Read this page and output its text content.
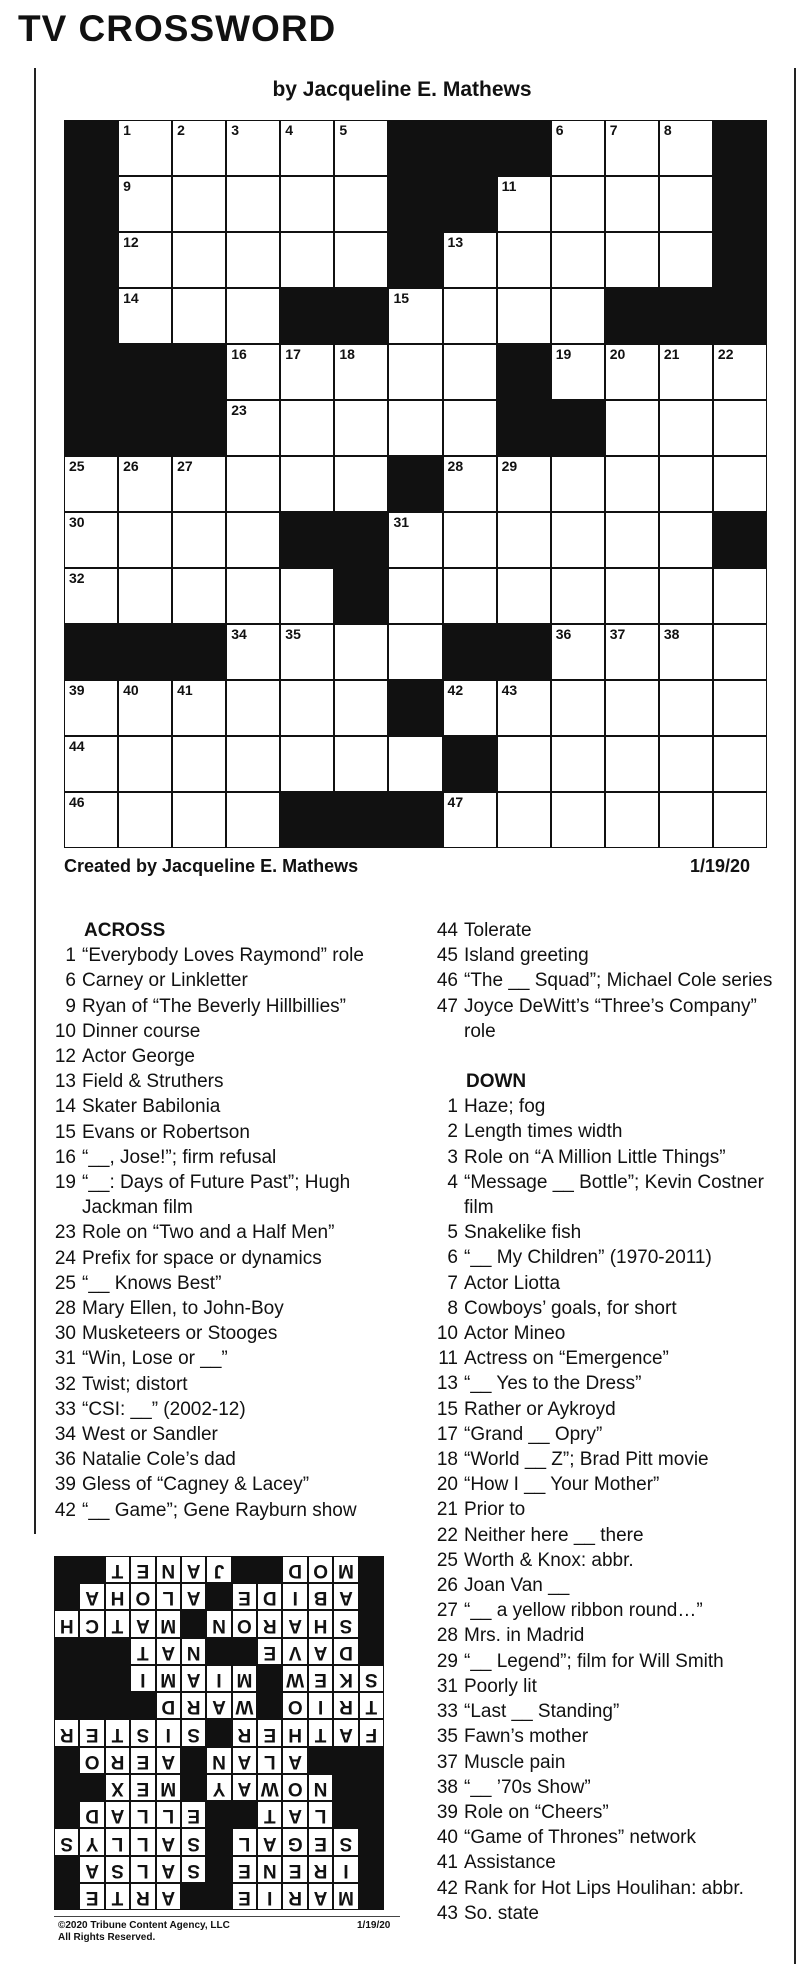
TV CROSSWORD
by Jacqueline E. Mathews
1	2	3	4	5	6	7	8
9	11
12	13
14	15
16	17	18	19	20	21	22
23
25	26	27	28	29
30	31
32
34	35	36	37	38
39	40	41	42	43
44
46	47
Created by Jacqueline E. Mathews	1/19/20
ACROSS
1 “Everybody Loves Raymond” role
6 Carney or Linkletter
9 Ryan of “The Beverly Hillbillies”
10 Dinner course
12 Actor George
13 Field & Struthers
14 Skater Babilonia
15 Evans or Robertson
16 “__, Jose!”; firm refusal
19 “__: Days of Future Past”; Hugh Jackman film
23 Role on “Two and a Half Men”
24 Prefix for space or dynamics
25 “__ Knows Best”
28 Mary Ellen, to John-Boy
30 Musketeers or Stooges
31 “Win, Lose or __”
32 Twist; distort
33 “CSI: __” (2002-12)
34 West or Sandler
36 Natalie Cole’s dad
39 Gless of “Cagney & Lacey”
42 “__ Game”; Gene Rayburn show
44 Tolerate
45 Island greeting
46 “The __ Squad”; Michael Cole series
47 Joyce DeWitt’s “Three’s Company” role
DOWN
1 Haze; fog
2 Length times width
3 Role on “A Million Little Things”
4 “Message __ Bottle”; Kevin Costner film
5 Snakelike fish
6 “__ My Children” (1970-2011)
7 Actor Liotta
8 Cowboys’ goals, for short
10 Actor Mineo
11 Actress on “Emergence”
13 “__ Yes to the Dress”
15 Rather or Aykroyd
17 “Grand __ Opry”
18 “World __ Z”; Brad Pitt movie
20 “How I __ Your Mother”
21 Prior to
22 Neither here __ there
25 Worth & Knox: abbr.
26 Joan Van __
27 “__ a yellow ribbon round…”
28 Mrs. in Madrid
29 “__ Legend”; film for Will Smith
31 Poorly lit
33 “Last __ Standing”
35 Fawn’s mother
37 Muscle pain
38 “__ ’70s Show”
39 Role on “Cheers”
40 “Game of Thrones” network
41 Assistance
42 Rank for Hot Lips Houlihan: abbr.
43 So. state
M
A
R
I
E
A
R
T
E
I
R
E
N
E
S
A
L
S
A
S
E
G
A
L
S
A
L
L
Y
S
L
A
T
E
L
L
A
D
N
O
W
A
Y
M
E
X
A
L
A
N
A
E
R
O
F
A
T
H
E
R
S
I
S
T
E
R
T
R
I
O
W
A
R
D
S
K
E
W
M
I
A
M
I
D
A
V
E
N
A
T
S
H
A
R
O
N
M
A
T
C
H
A
B
I
D
E
A
L
O
H
A
M
O
D
J
A
N
E
T
©2020 Tribune Content Agency, LLC
All Rights Reserved.
1/19/20
